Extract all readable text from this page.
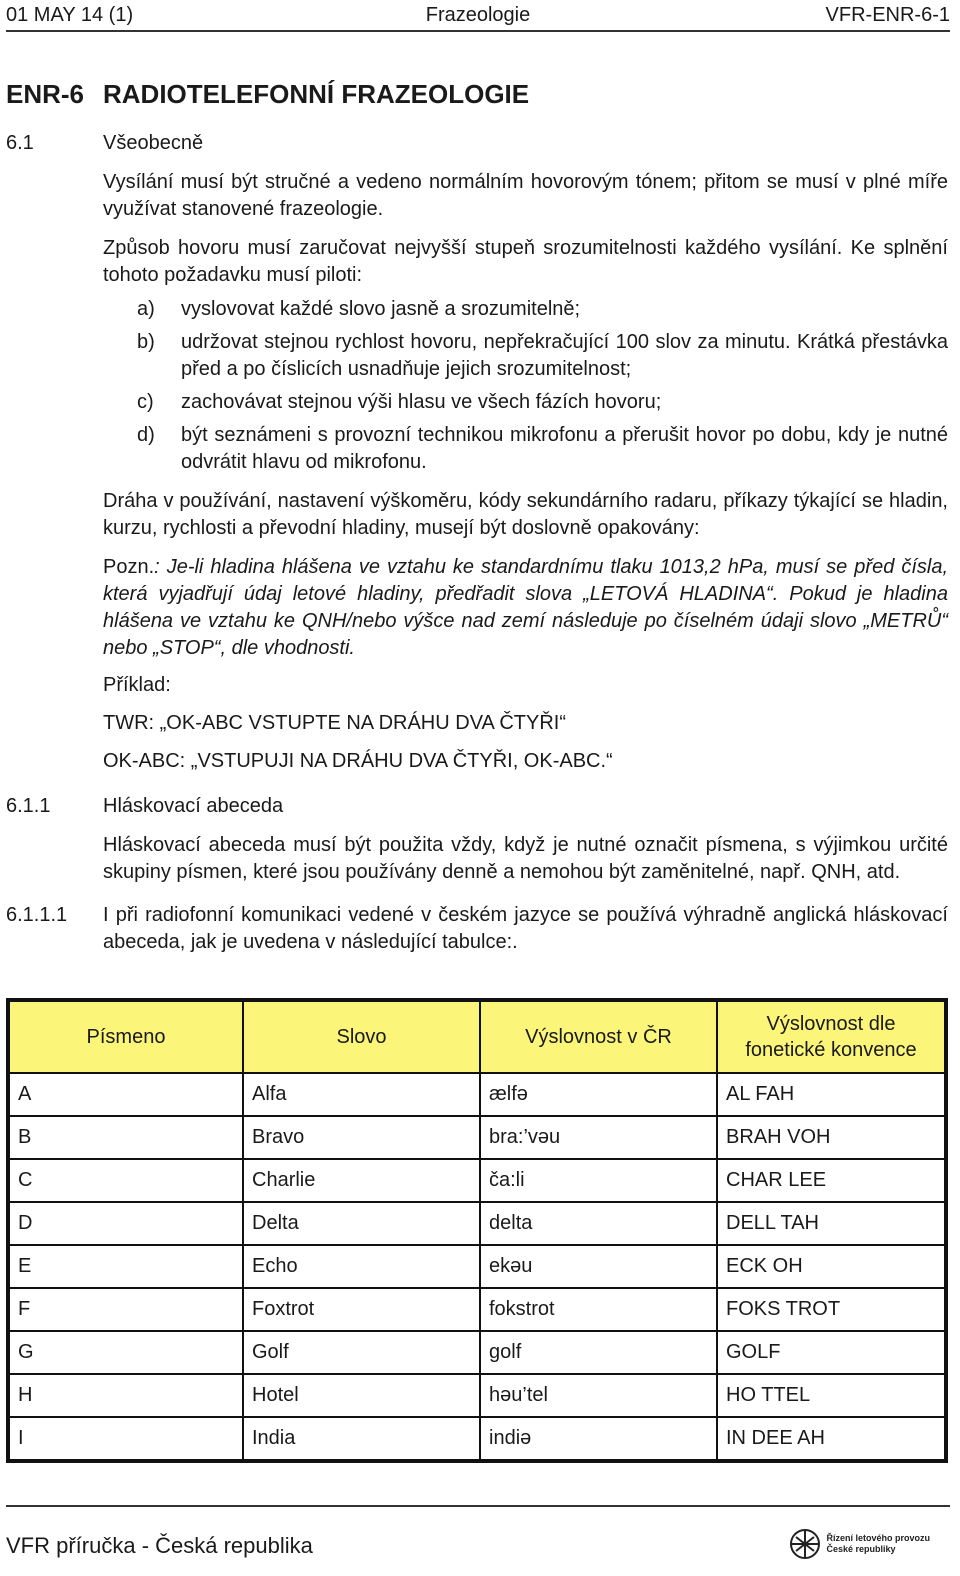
01 MAY 14 (1)	Frazeologie	VFR-ENR-6-1
ENR-6 RADIOTELEFONNÍ FRAZEOLOGIE
6.1	Všeobecně
Vysílání musí být stručné a vedeno normálním hovorovým tónem; přitom se musí v plné míře využívat stanovené frazeologie.
Způsob hovoru musí zaručovat nejvyšší stupeň srozumitelnosti každého vysílání. Ke splnění tohoto požadavku musí piloti:
a)	vyslovovat každé slovo jasně a srozumitelně;
b)	udržovat stejnou rychlost hovoru, nepřekračující 100 slov za minutu. Krátká přestávka před a po číslicích usnadňuje jejich srozumitelnost;
c)	zachovávat stejnou výši hlasu ve všech fázích hovoru;
d)	být seznámeni s provozní technikou mikrofonu a přerušit hovor po dobu, kdy je nutné odvrátit hlavu od mikrofonu.
Dráha v používání, nastavení výškoměru, kódy sekundárního radaru, příkazy týkající se hladin, kurzu, rychlosti a převodní hladiny, musejí být doslovně opakovány:
Pozn.: Je-li hladina hlášena ve vztahu ke standardnímu tlaku 1013,2 hPa, musí se před čísla, která vyjadřují údaj letové hladiny, předřadit slova „LETOVÁ HLADINA“. Pokud je hladina hlášena ve vztahu ke QNH/nebo výšce nad zemí následuje po číselném údaji slovo „METRŮ“ nebo „STOP“, dle vhodnosti.
Příklad:
TWR: „OK-ABC VSTUPTE NA DRÁHU DVA ČTYŘI“
OK-ABC: „VSTUPUJI NA DRÁHU DVA ČTYŘI, OK-ABC.“
6.1.1	Hláskovací abeceda
Hláskovací abeceda musí být použita vždy, když je nutné označit písmena, s výjimkou určité skupiny písmen, které jsou používány denně a nemohou být zaměnitelné, např. QNH, atd.
6.1.1.1	I při radiofonní komunikaci vedené v českém jazyce se používá výhradně anglická hláskovací abeceda, jak je uvedena v následující tabulce:.
Písmeno	Slovo	Výslovnost v ČR	Výslovnost dle fonetické konvence
A	Alfa	ælfə	AL FAH
B	Bravo	bra:’vəu	BRAH VOH
C	Charlie	ča:li	CHAR LEE
D	Delta	delta	DELL TAH
E	Echo	ekəu	ECK OH
F	Foxtrot	fokstrot	FOKS TROT
G	Golf	golf	GOLF
H	Hotel	həu’tel	HO TTEL
I	India	indiə	IN DEE AH
VFR příručka - Česká republika	Řízení letového provozu
České republiky
